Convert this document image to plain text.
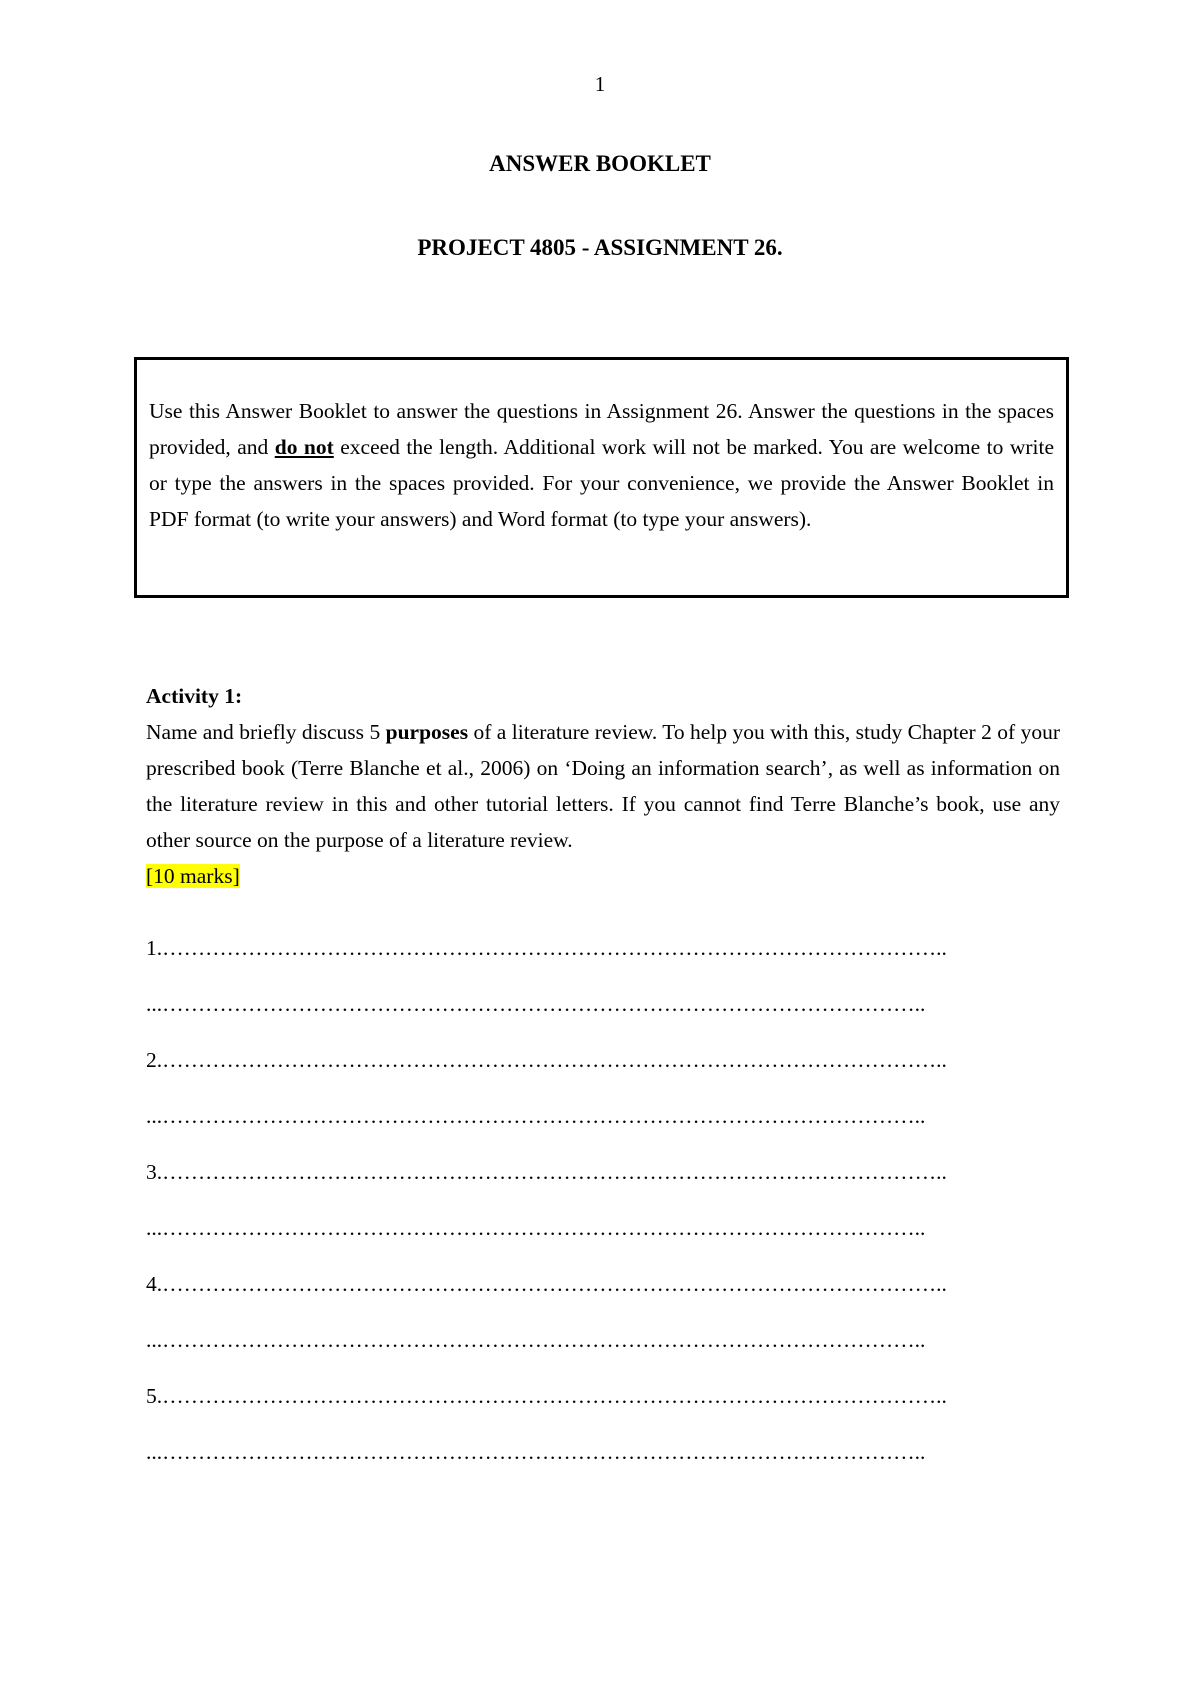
1
ANSWER BOOKLET
PROJECT 4805 - ASSIGNMENT 26.

Use this Answer Booklet to answer the questions in Assignment 26. Answer the questions in the spaces provided, and do not exceed the length. Additional work will not be marked. You are welcome to write or type the answers in the spaces provided. For your convenience, we provide the Answer Booklet in PDF format (to write your answers) and Word format (to type your answers).

Activity 1:

Name and briefly discuss 5 purposes of a literature review. To help you with this, study Chapter 2 of your prescribed book (Terre Blanche et al., 2006) on ‘Doing an information search’, as well as information on the literature review in this and other tutorial letters. If you cannot find Terre Blanche’s book, use any other source on the purpose of a literature review.

[10 marks]

1.………………………………………………………………………………………………..
...……………………………………………………………………………………………..
2.………………………………………………………………………………………………..
...……………………………………………………………………………………………..
3.………………………………………………………………………………………………..
...……………………………………………………………………………………………..
4.………………………………………………………………………………………………..
...……………………………………………………………………………………………..
5.………………………………………………………………………………………………..
...……………………………………………………………………………………………..
